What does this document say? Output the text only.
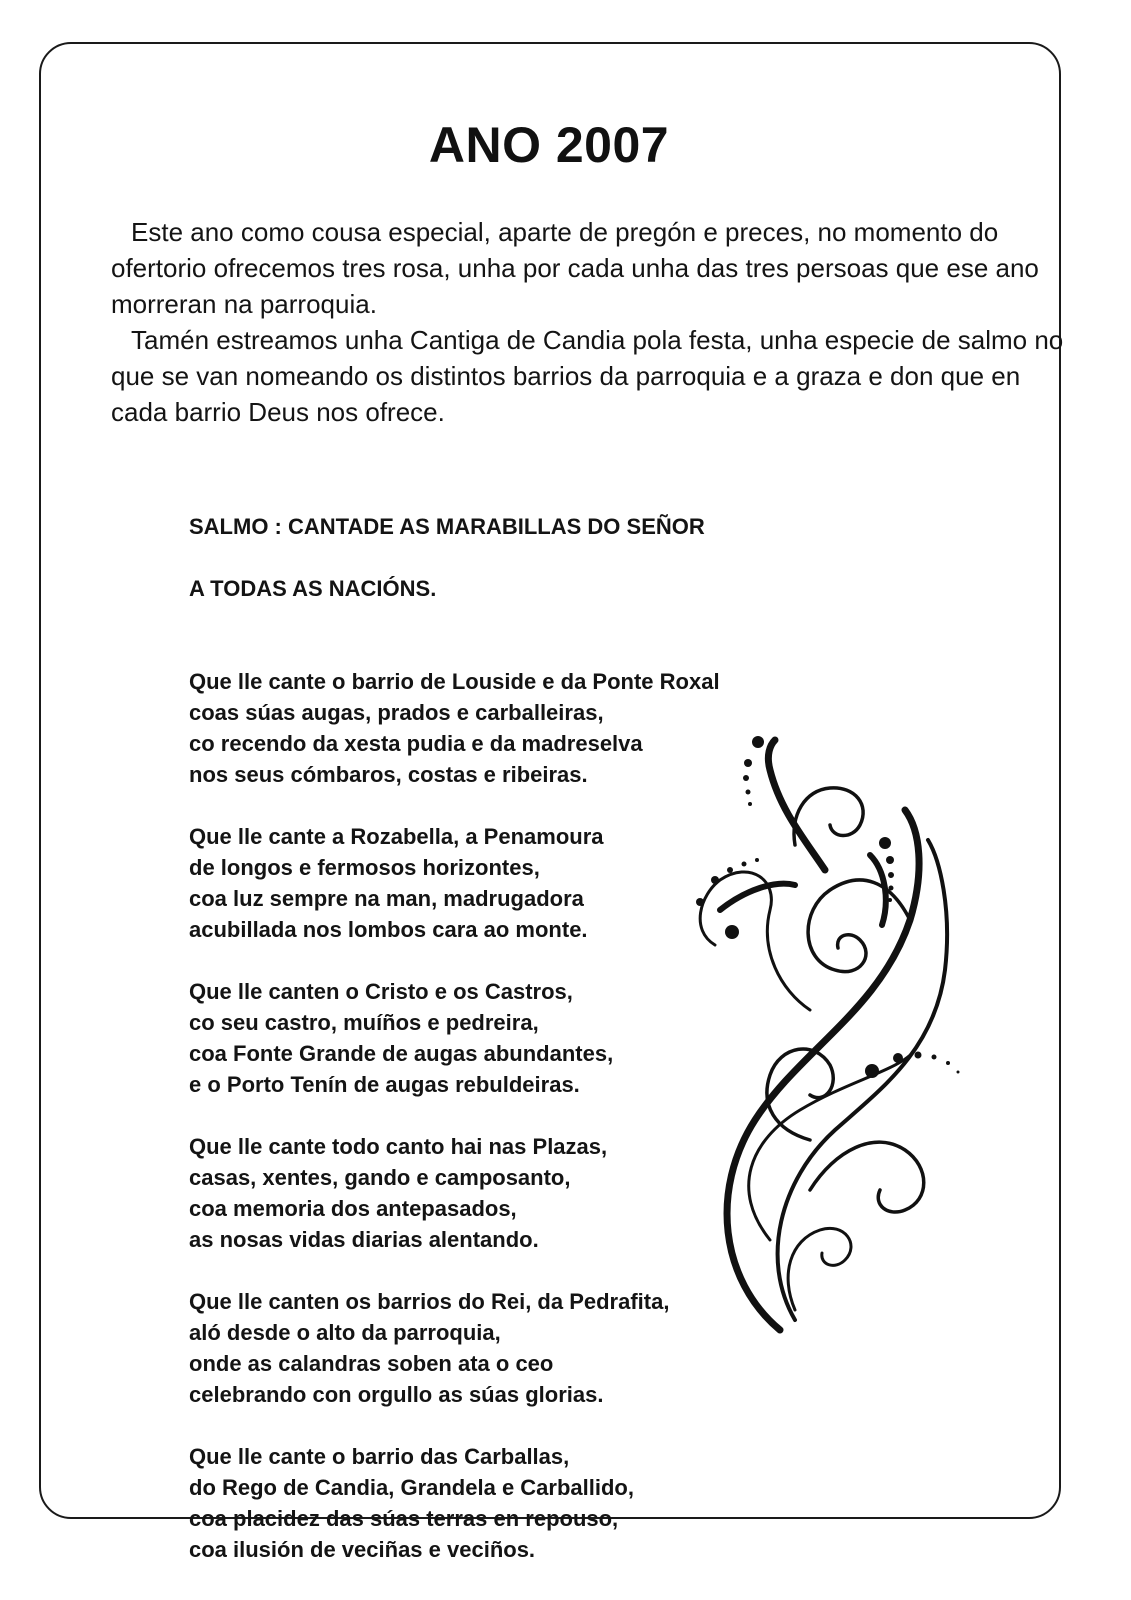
ANO 2007

Este ano como cousa especial, aparte de pregón e preces, no momento do ofertorio ofrecemos tres rosa, unha por cada unha das tres persoas que ese ano morreran na parroquia.

Tamén estreamos unha Cantiga de Candia pola festa, unha especie de salmo no que se van nomeando os distintos barrios da parroquia e a graza e don que en cada barrio Deus nos ofrece.

SALMO : CANTADE AS MARABILLAS DO SEÑOR

A TODAS AS NACIÓNS.

Que lle cante o barrio de Louside e da Ponte Roxal
coas súas augas, prados e carballeiras,
co recendo da xesta pudia e da madreselva
nos seus cómbaros, costas e ribeiras.
Que lle cante a Rozabella, a Penamoura
de longos e fermosos horizontes,
coa luz sempre na man, madrugadora
acubillada nos lombos cara ao monte.
Que lle canten o Cristo e os Castros,
co seu castro, muíños e pedreira,
coa Fonte Grande de augas abundantes,
e o Porto Tenín de augas rebuldeiras.
Que lle cante todo canto hai nas Plazas,
casas, xentes, gando e camposanto,
coa memoria dos antepasados,
as nosas vidas diarias alentando.
Que lle canten os barrios do Rei, da Pedrafita,
aló desde o alto da parroquia,
onde as calandras soben ata o ceo
celebrando con orgullo as súas glorias.
Que lle cante o barrio das Carballas,
do Rego de Candia, Grandela e Carballido,
coa placidez das súas terras en repouso,
coa ilusión de veciñas e veciños.
